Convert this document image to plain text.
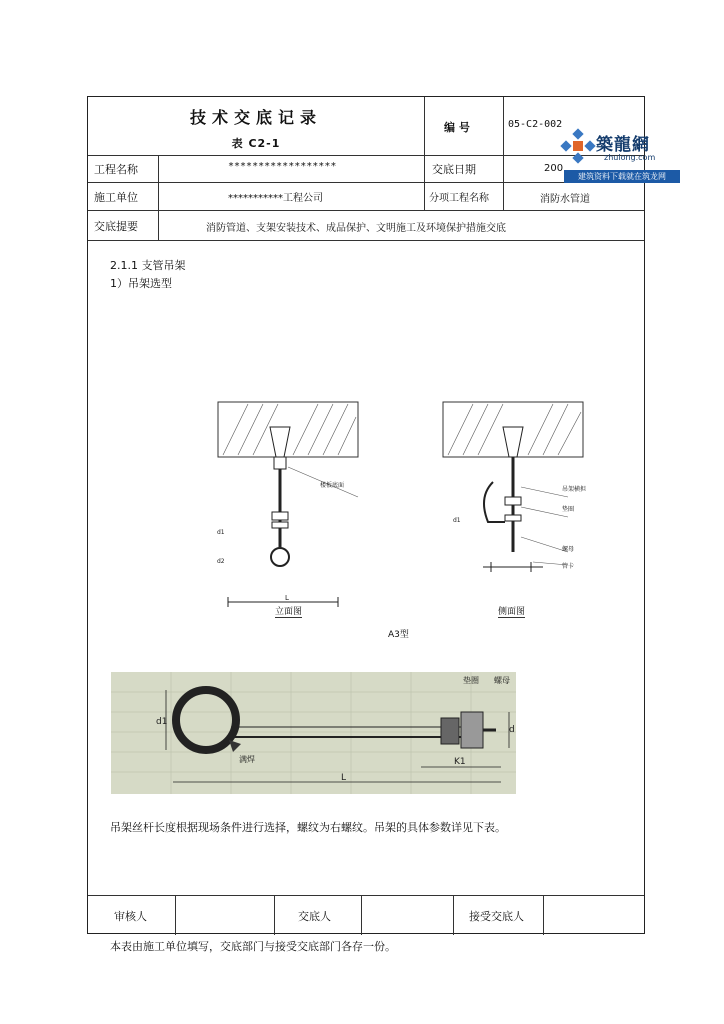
技术交底记录
表 C2-1
编 号	05-C2-002
工程名称	******************	交底日期	200
施工单位	***********工程公司	分项工程名称	消防水管道
交底提要	消防管道、支架安装技术、成品保护、文明施工及环境保护措施交底
2.1.1 支管吊架
1）吊架选型
L
d1
d2
立面图
楼板底面
d1
吊架横担
垫圈
螺母
管卡
侧面图
A3型
d1
d
K1
L
垫圈 螺母
满焊
吊架丝杆长度根据现场条件进行选择，螺纹为右螺纹。吊架的具体参数详见下表。
审核人	交底人	接受交底人
本表由施工单位填写，交底部门与接受交底部门各存一份。
築龍網
zhulong.com
建筑资料下载就在筑龙网
